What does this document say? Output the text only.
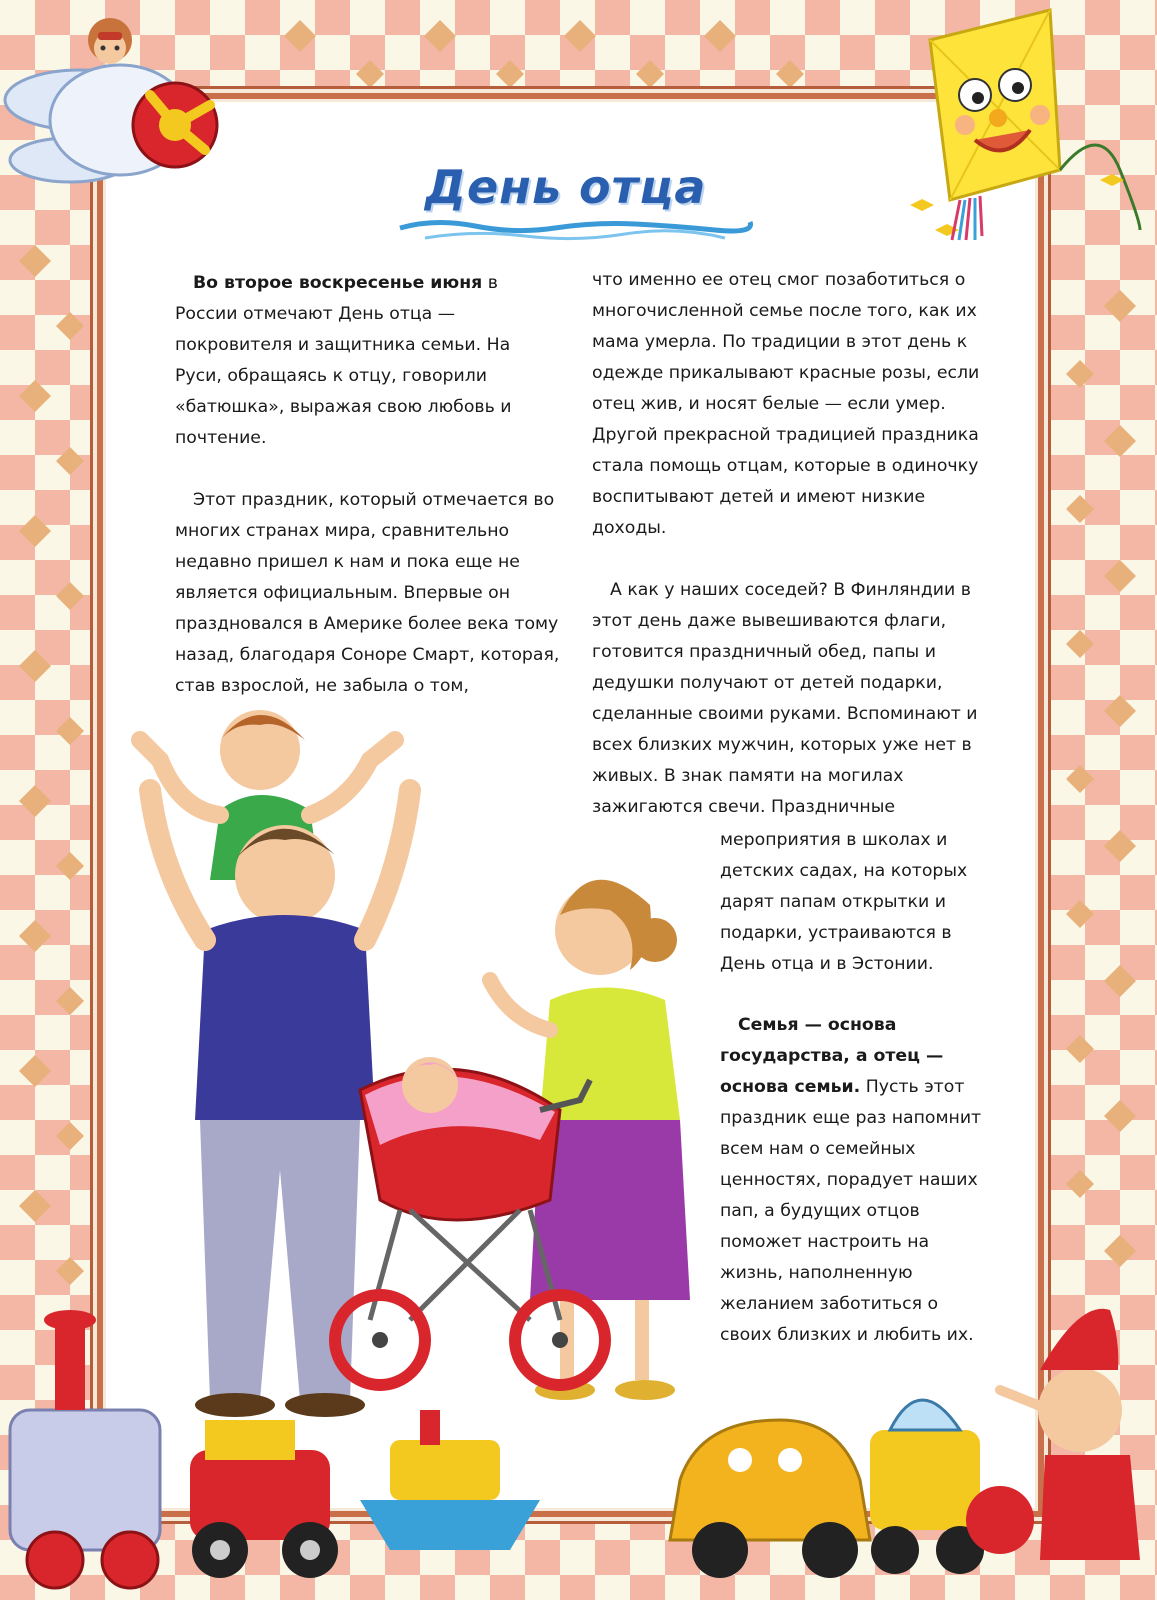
День отца

Во второе воскресенье июня в России отмечают День отца — покровителя и защитника семьи. На Руси, обращаясь к отцу, говорили «батюшка», выражая свою любовь и почтение.

Этот праздник, который отмечается во многих странах мира, сравнительно недавно пришел к нам и пока еще не является официальным. Впервые он праздновался в Америке более века тому назад, благодаря Соноре Смарт, которая, став взрослой, не забыла о том,

что именно ее отец смог позаботиться о многочисленной семье после того, как их мама умерла. По традиции в этот день к одежде прикалывают красные розы, если отец жив, и носят белые — если умер. Другой прекрасной традицией праздника стала помощь отцам, которые в одиночку воспитывают детей и имеют низкие доходы.

А как у наших соседей? В Финляндии в этот день даже вывешиваются флаги, готовится праздничный обед, папы и дедушки получают от детей подарки, сделанные своими руками. Вспоминают и всех близких мужчин, которых уже нет в живых. В знак памяти на могилах зажигаются свечи. Праздничные

мероприятия в школах и детских садах, на которых дарят папам открытки и подарки, устраиваются в День отца и в Эстонии.

Семья — основа государства, а отец — основа семьи. Пусть этот праздник еще раз напомнит всем нам о семейных ценностях, порадует наших пап, а будущих отцов поможет настроить на жизнь, наполненную желанием заботиться о своих близких и любить их.
